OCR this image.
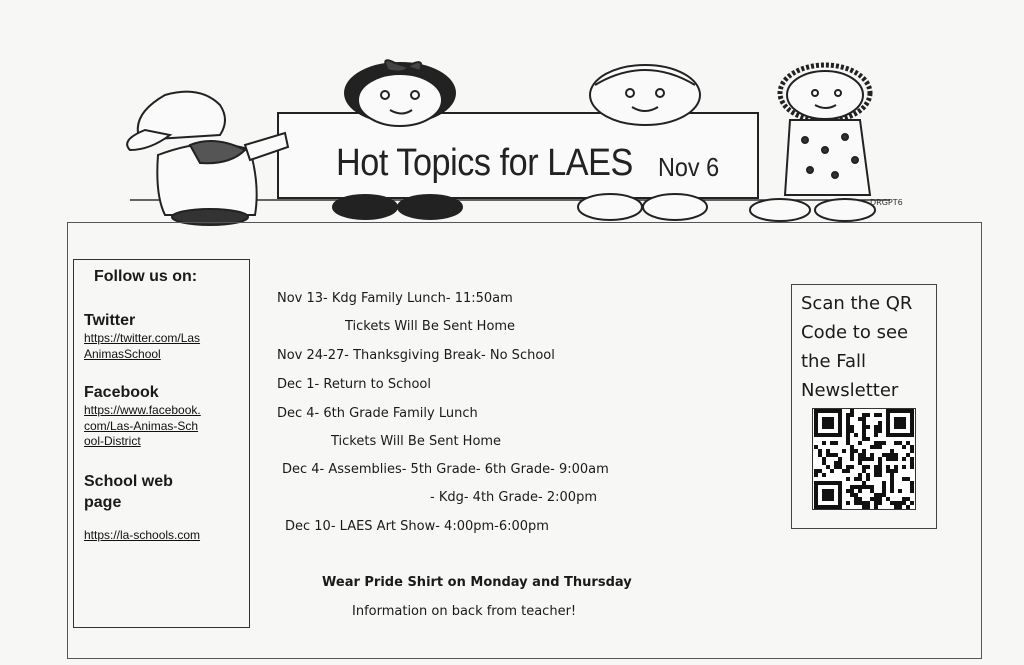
DRGPT6
Hot Topics for LAES Nov 6
Follow us on:
Twitter
https://twitter.com/LasAnimasSchool
Facebook
https://www.facebook.com/Las-Animas-School-District
School web page
https://la-schools.com
Nov 13- Kdg Family Lunch- 11:50am
Tickets Will Be Sent Home
Nov 24-27- Thanksgiving Break- No School
Dec 1- Return to School
Dec 4- 6th Grade Family Lunch
Tickets Will Be Sent Home
Dec 4- Assemblies- 5th Grade- 6th Grade- 9:00am
- Kdg- 4th Grade- 2:00pm
Dec 10- LAES Art Show- 4:00pm-6:00pm
Wear Pride Shirt on Monday and Thursday
Information on back from teacher!
Scan the QR Code to see the Fall Newsletter
